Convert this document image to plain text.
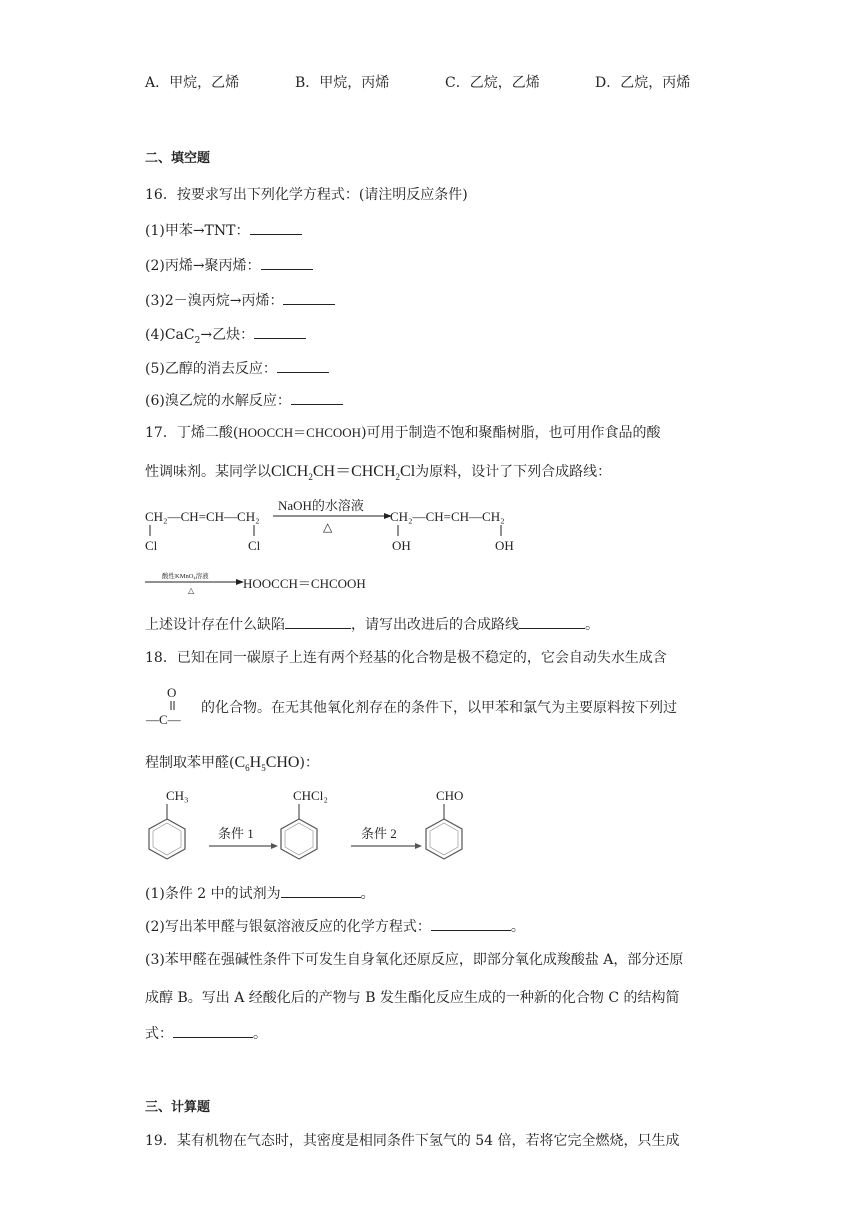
A．甲烷，乙烯	B．甲烷，丙烯	C．乙烷，乙烯	D．乙烷，丙烯
二、填空题
16．按要求写出下列化学方程式：(请注明反应条件)
(1)甲苯→TNT：
(2)丙烯→聚丙烯：
(3)2－溴丙烷→丙烯：
(4)CaC$_2$→乙炔：
(5)乙醇的消去反应：
(6)溴乙烷的水解反应：
17．丁烯二酸(HOOCCH＝CHCOOH)可用于制造不饱和聚酯树脂，也可用作食品的酸
性调味剂。某同学以$ClCH_2CH=CHCH_2Cl$为原料，设计了下列合成路线：
CH₂—CH=CH—CH₂
Cl	Cl
NaOH的水溶液
△
CH₂—CH=CH—CH₂
OH	OH
酸性KMnO₄溶液
△	HOOCCH＝CHCOOH
上述设计存在什么缺陷	，请写出改进后的合成路线	。
18．已知在同一碳原子上连有两个羟基的化合物是极不稳定的，它会自动失水生成含
O
—C—
的化合物。在无其他氧化剂存在的条件下，以甲苯和氯气为主要原料按下列过
程制取苯甲醛$(C_6H_5CHO)$：
CH₃	CHCl₂	CHO
条件 1	条件 2
(1)条件 2 中的试剂为	。
(2)写出苯甲醛与银氨溶液反应的化学方程式：	。
(3)苯甲醛在强碱性条件下可发生自身氧化还原反应，即部分氧化成羧酸盐 A，部分还原
成醇 B。写出 A 经酸化后的产物与 B 发生酯化反应生成的一种新的化合物 C 的结构简
式：	。
三、计算题
19．某有机物在气态时，其密度是相同条件下氢气的 54 倍，若将它完全燃烧，只生成
